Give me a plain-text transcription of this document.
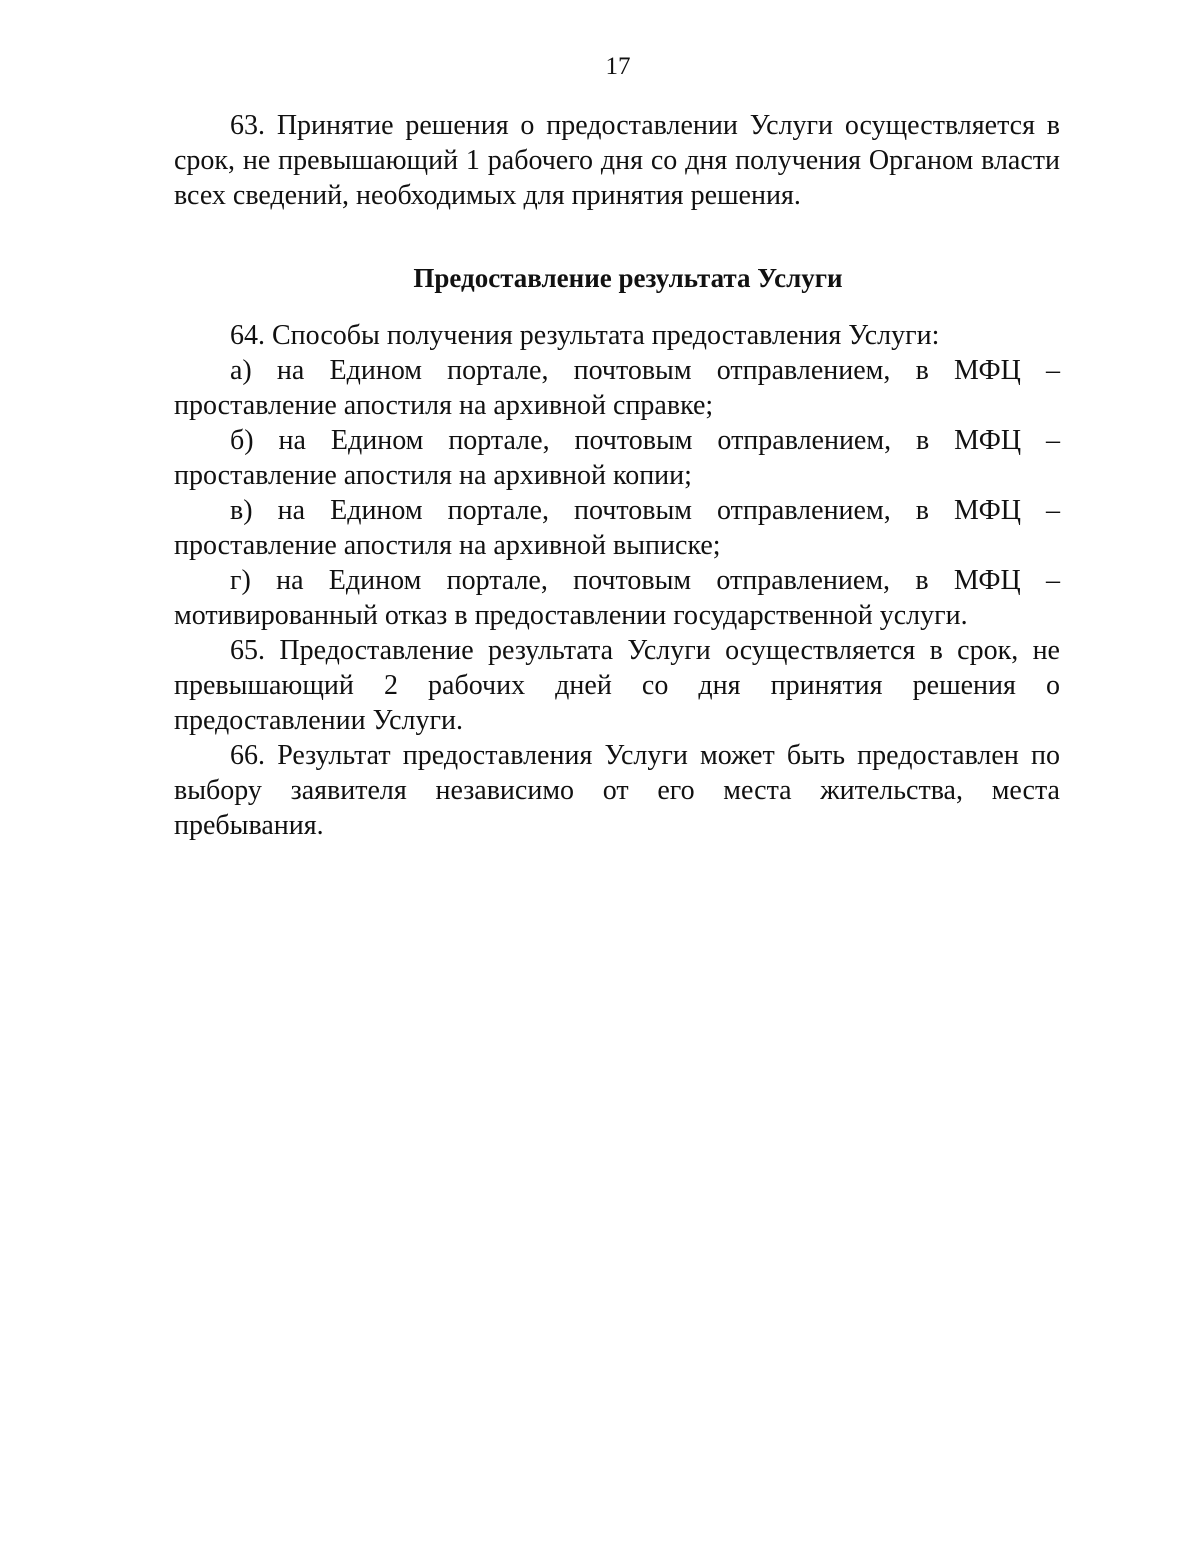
17

63. Принятие решения о предоставлении Услуги осуществляется в срок, не превышающий 1 рабочего дня со дня получения Органом власти всех сведений, необходимых для принятия решения.

Предоставление результата Услуги

64. Способы получения результата предоставления Услуги:

а) на Едином портале, почтовым отправлением, в МФЦ – проставление апостиля на архивной справке;

б) на Едином портале, почтовым отправлением, в МФЦ – проставление апостиля на архивной копии;

в) на Едином портале, почтовым отправлением, в МФЦ – проставление апостиля на архивной выписке;

г) на Едином портале, почтовым отправлением, в МФЦ – мотивированный отказ в предоставлении государственной услуги.

65. Предоставление результата Услуги осуществляется в срок, не превышающий 2 рабочих дней со дня принятия решения о предоставлении Услуги.

66. Результат предоставления Услуги может быть предоставлен по выбору заявителя независимо от его места жительства, места пребывания.
